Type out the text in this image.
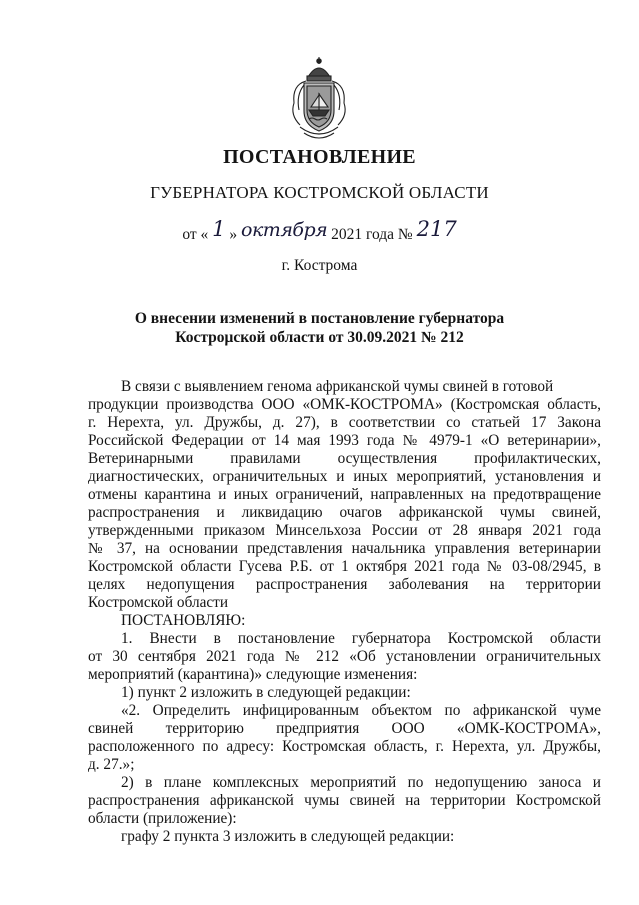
ПОСТАНОВЛЕНИЕ
ГУБЕРНАТОРА КОСТРОМСКОЙ ОБЛАСТИ
от « 1 » октября 2021 года № 217
г. Кострома
О внесении изменений в постановление губернатора
Кострομской области от 30.09.2021 № 212
В связи с выявлением генома африканской чумы свиней в готовой
продукции производства ООО «ОМК-КОСТРОМА» (Костромская область,
г. Нерехта, ул. Дружбы, д. 27), в соответствии со статьей 17 Закона
Российской Федерации от 14 мая 1993 года № 4979-1 «О ветеринарии»,
Ветеринарными правилами осуществления профилактических,
диагностических, ограничительных и иных мероприятий, установления и
отмены карантина и иных ограничений, направленных на предотвращение
распространения и ликвидацию очагов африканской чумы свиней,
утвержденными приказом Минсельхоза России от 28 января 2021 года
№ 37, на основании представления начальника управления ветеринарии
Костромской области Гусева Р.Б. от 1 октября 2021 года № 03-08/2945, в
целях недопущения распространения заболевания на территории
Костромской области
ПОСТАНОВЛЯЮ:
1. Внести в постановление губернатора Костромской области
от 30 сентября 2021 года № 212 «Об установлении ограничительных
мероприятий (карантина)» следующие изменения:
1) пункт 2 изложить в следующей редакции:
«2. Определить инфицированным объектом по африканской чуме
свиней территорию предприятия ООО «ОМК-КОСТРОМА»,
расположенного по адресу: Костромская область, г. Нерехта, ул. Дружбы,
д. 27.»;
2) в плане комплексных мероприятий по недопущению заноса и
распространения африканской чумы свиней на территории Костромской
области (приложение):
графу 2 пункта 3 изложить в следующей редакции:
